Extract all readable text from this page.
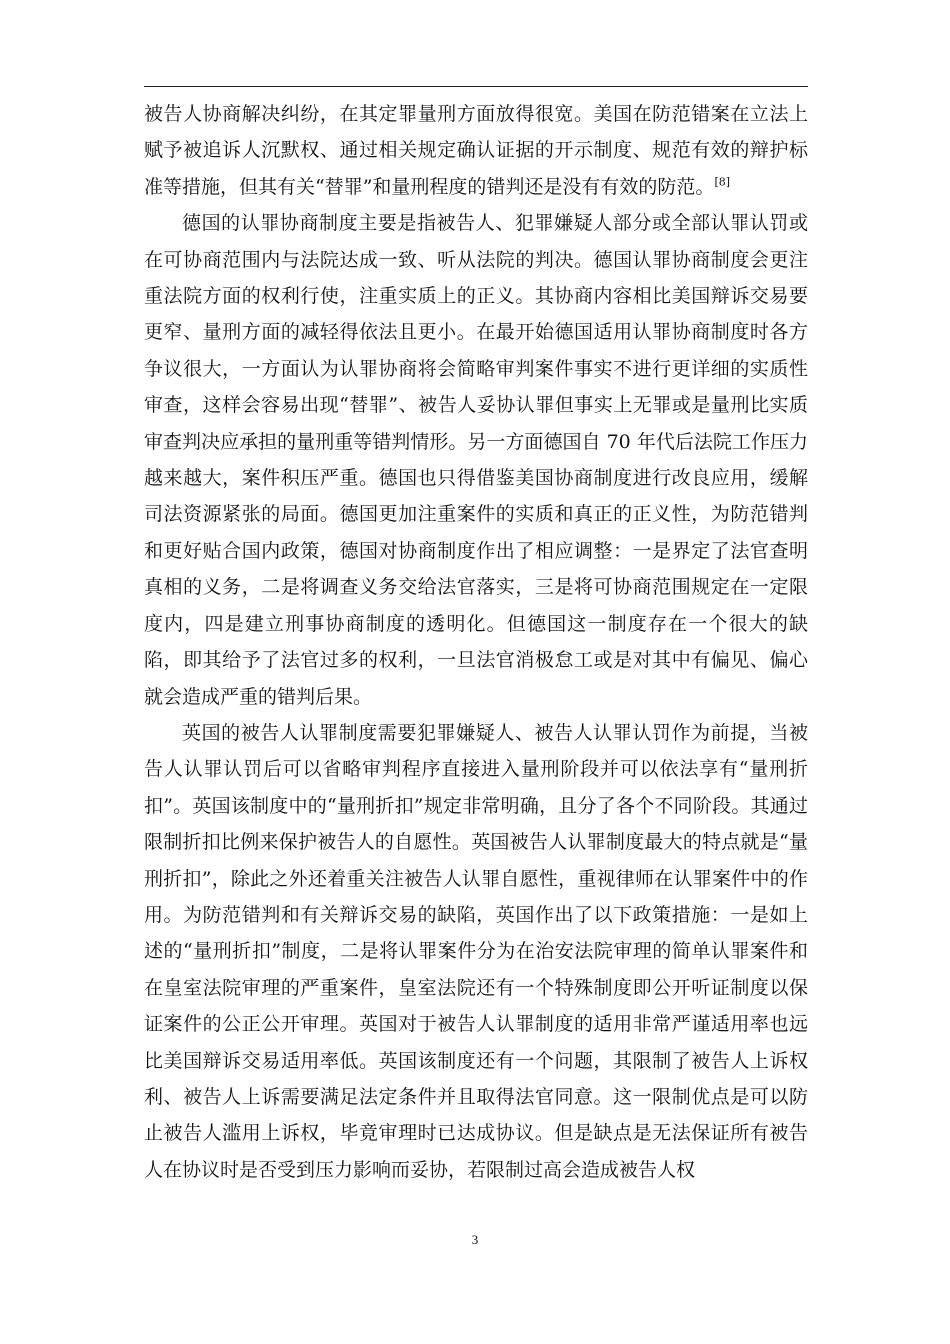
被告人协商解决纠纷，在其定罪量刑方面放得很宽。美国在防范错案在立法上赋予被追诉人沉默权、通过相关规定确认证据的开示制度、规范有效的辩护标准等措施，但其有关“替罪”和量刑程度的错判还是没有有效的防范。[8]

德国的认罪协商制度主要是指被告人、犯罪嫌疑人部分或全部认罪认罚或在可协商范围内与法院达成一致、听从法院的判决。德国认罪协商制度会更注重法院方面的权利行使，注重实质上的正义。其协商内容相比美国辩诉交易要更窄、量刑方面的减轻得依法且更小。在最开始德国适用认罪协商制度时各方争议很大，一方面认为认罪协商将会简略审判案件事实不进行更详细的实质性审查，这样会容易出现“替罪”、被告人妥协认罪但事实上无罪或是量刑比实质审查判决应承担的量刑重等错判情形。另一方面德国自 70 年代后法院工作压力越来越大，案件积压严重。德国也只得借鉴美国协商制度进行改良应用，缓解司法资源紧张的局面。德国更加注重案件的实质和真正的正义性，为防范错判和更好贴合国内政策，德国对协商制度作出了相应调整：一是界定了法官查明真相的义务，二是将调查义务交给法官落实，三是将可协商范围规定在一定限度内，四是建立刑事协商制度的透明化。但德国这一制度存在一个很大的缺陷，即其给予了法官过多的权利，一旦法官消极怠工或是对其中有偏见、偏心就会造成严重的错判后果。

英国的被告人认罪制度需要犯罪嫌疑人、被告人认罪认罚作为前提，当被告人认罪认罚后可以省略审判程序直接进入量刑阶段并可以依法享有“量刑折扣”。英国该制度中的“量刑折扣”规定非常明确，且分了各个不同阶段。其通过限制折扣比例来保护被告人的自愿性。英国被告人认罪制度最大的特点就是“量刑折扣”，除此之外还着重关注被告人认罪自愿性，重视律师在认罪案件中的作用。为防范错判和有关辩诉交易的缺陷，英国作出了以下政策措施：一是如上述的“量刑折扣”制度，二是将认罪案件分为在治安法院审理的简单认罪案件和在皇室法院审理的严重案件，皇室法院还有一个特殊制度即公开听证制度以保证案件的公正公开审理。英国对于被告人认罪制度的适用非常严谨适用率也远比美国辩诉交易适用率低。英国该制度还有一个问题，其限制了被告人上诉权利、被告人上诉需要满足法定条件并且取得法官同意。这一限制优点是可以防止被告人滥用上诉权，毕竟审理时已达成协议。但是缺点是无法保证所有被告人在协议时是否受到压力影响而妥协，若限制过高会造成被告人权

3
